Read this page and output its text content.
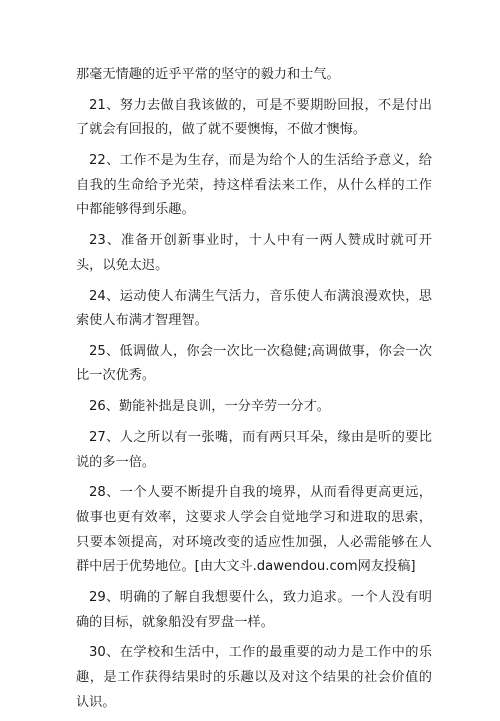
那毫无情趣的近乎平常的坚守的毅力和士气。

21、努力去做自我该做的，可是不要期盼回报，不是付出了就会有回报的，做了就不要懊悔，不做才懊悔。

22、工作不是为生存，而是为给个人的生活给予意义，给自我的生命给予光荣，持这样看法来工作，从什么样的工作中都能够得到乐趣。

23、准备开创新事业时，十人中有一两人赞成时就可开头，以免太迟。

24、运动使人布满生气活力，音乐使人布满浪漫欢快，思索使人布满才智理智。

25、低调做人，你会一次比一次稳健;高调做事，你会一次比一次优秀。

26、勤能补拙是良训，一分辛劳一分才。

27、人之所以有一张嘴，而有两只耳朵，缘由是听的要比说的多一倍。

28、一个人要不断提升自我的境界，从而看得更高更远，做事也更有效率，这要求人学会自觉地学习和进取的思索，只要本领提高，对环境改变的适应性加强，人必需能够在人群中居于优势地位。[由大文斗.dawendou.com网友投稿]

29、明确的了解自我想要什么，致力追求。一个人没有明确的目标，就象船没有罗盘一样。

30、在学校和生活中，工作的最重要的动力是工作中的乐趣，是工作获得结果时的乐趣以及对这个结果的社会价值的认识。
